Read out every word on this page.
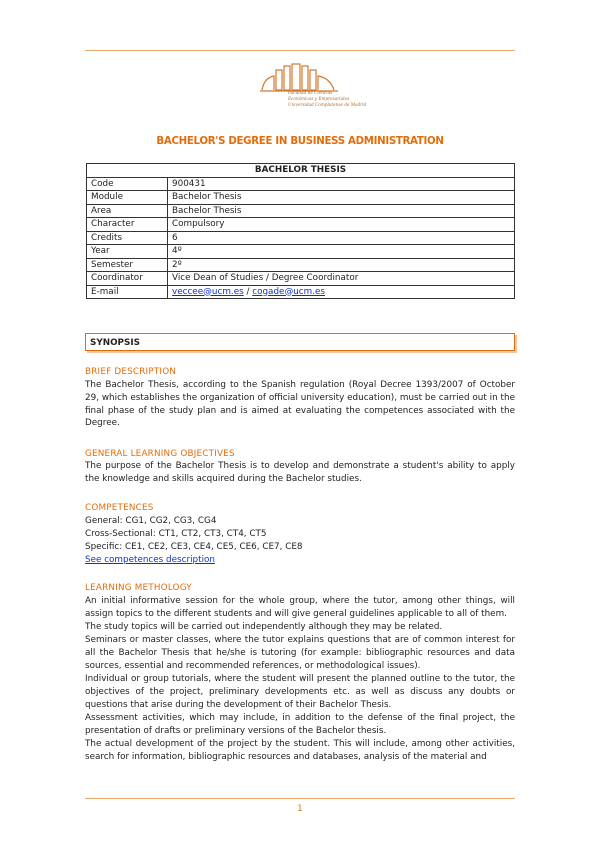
Facultad de Ciencias
Económicas y Empresariales
Universidad Complutense de Madrid
BACHELOR'S DEGREE IN BUSINESS ADMINISTRATION
BACHELOR THESIS	
Code	900431
Module	Bachelor Thesis
Area	Bachelor Thesis
Character	Compulsory
Credits	6
Year	4º
Semester	2º
Coordinator	Vice Dean of Studies / Degree Coordinator
E-mail	veccee@ucm.es / cogade@ucm.es
SYNOPSIS
BRIEF DESCRIPTION
The Bachelor Thesis, according to the Spanish regulation (Royal Decree 1393/2007 of October 29, which establishes the organization of official university education), must be carried out in the final phase of the study plan and is aimed at evaluating the competences associated with the Degree.
GENERAL LEARNING OBJECTIVES
The purpose of the Bachelor Thesis is to develop and demonstrate a student's ability to apply the knowledge and skills acquired during the Bachelor studies.
COMPETENCES
General: CG1, CG2, CG3, CG4
Cross-Sectional: CT1, CT2, CT3, CT4, CT5
Specific: CE1, CE2, CE3, CE4, CE5, CE6, CE7, CE8
See competences description
LEARNING METHOLOGY
An initial informative session for the whole group, where the tutor, among other things, will assign topics to the different students and will give general guidelines applicable to all of them.
The study topics will be carried out independently although they may be related.
Seminars or master classes, where the tutor explains questions that are of common interest for all the Bachelor Thesis that he/she is tutoring (for example: bibliographic resources and data sources, essential and recommended references, or methodological issues).
Individual or group tutorials, where the student will present the planned outline to the tutor, the objectives of the project, preliminary developments etc. as well as discuss any doubts or questions that arise during the development of their Bachelor Thesis.
Assessment activities, which may include, in addition to the defense of the final project, the presentation of drafts or preliminary versions of the Bachelor thesis.
The actual development of the project by the student. This will include, among other activities, search for information, bibliographic resources and databases, analysis of the material and
1
